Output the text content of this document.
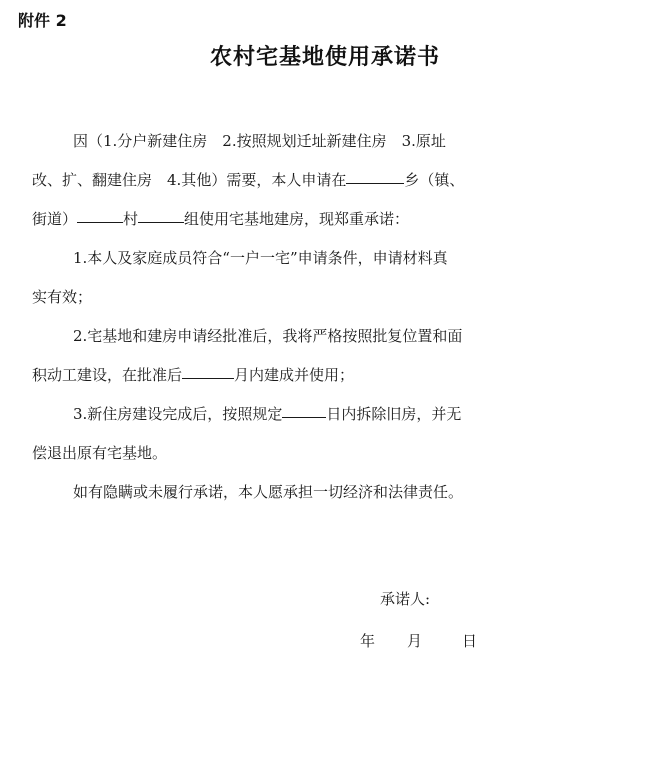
附件 2
农村宅基地使用承诺书
因（1.分户新建住房　2.按照规划迁址新建住房　3.原址
改、扩、翻建住房　4.其他）需要，本人申请在	乡（镇、
街道）	村	组使用宅基地建房，现郑重承诺：
1.本人及家庭成员符合“一户一宅”申请条件，申请材料真
实有效；
2.宅基地和建房申请经批准后，我将严格按照批复位置和面
积动工建设，在批准后	月内建成并使用；
3.新住房建设完成后，按照规定	日内拆除旧房，并无
偿退出原有宅基地。
如有隐瞒或未履行承诺，本人愿承担一切经济和法律责任。
承诺人:
年 月	日
